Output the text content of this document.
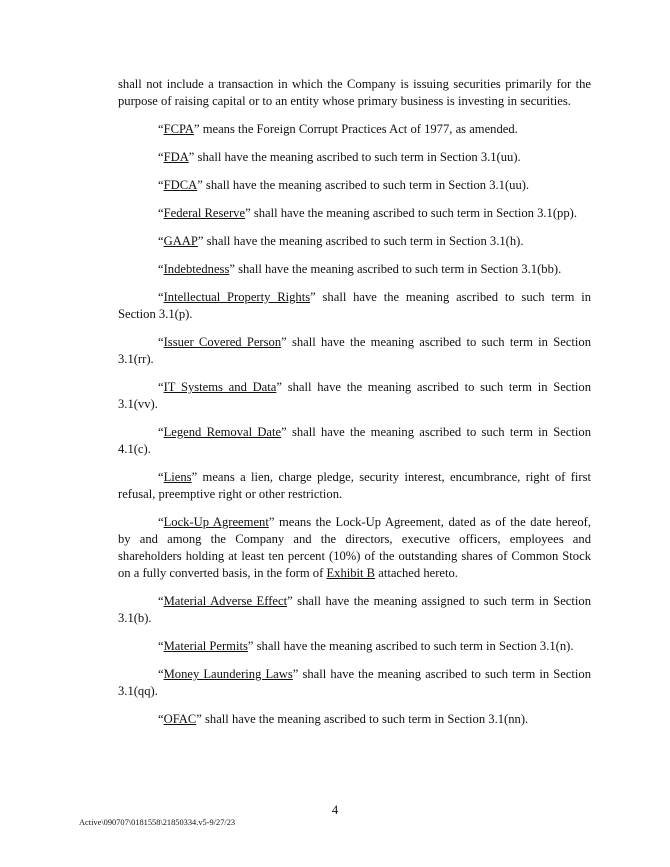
shall not include a transaction in which the Company is issuing securities primarily for the purpose of raising capital or to an entity whose primary business is investing in securities.

“FCPA” means the Foreign Corrupt Practices Act of 1977, as amended.

“FDA” shall have the meaning ascribed to such term in Section 3.1(uu).

“FDCA” shall have the meaning ascribed to such term in Section 3.1(uu).

“Federal Reserve” shall have the meaning ascribed to such term in Section 3.1(pp).

“GAAP” shall have the meaning ascribed to such term in Section 3.1(h).

“Indebtedness” shall have the meaning ascribed to such term in Section 3.1(bb).

“Intellectual Property Rights” shall have the meaning ascribed to such term in Section 3.1(p).

“Issuer Covered Person” shall have the meaning ascribed to such term in Section 3.1(rr).

“IT Systems and Data” shall have the meaning ascribed to such term in Section 3.1(vv).

“Legend Removal Date” shall have the meaning ascribed to such term in Section 4.1(c).

“Liens” means a lien, charge pledge, security interest, encumbrance, right of first refusal, preemptive right or other restriction.

“Lock-Up Agreement” means the Lock-Up Agreement, dated as of the date hereof, by and among the Company and the directors, executive officers, employees and shareholders holding at least ten percent (10%) of the outstanding shares of Common Stock on a fully converted basis, in the form of Exhibit B attached hereto.

“Material Adverse Effect” shall have the meaning assigned to such term in Section 3.1(b).

“Material Permits” shall have the meaning ascribed to such term in Section 3.1(n).

“Money Laundering Laws” shall have the meaning ascribed to such term in Section 3.1(qq).

“OFAC” shall have the meaning ascribed to such term in Section 3.1(nn).

4
Active\090707\0181558\21850334.v5-9/27/23
